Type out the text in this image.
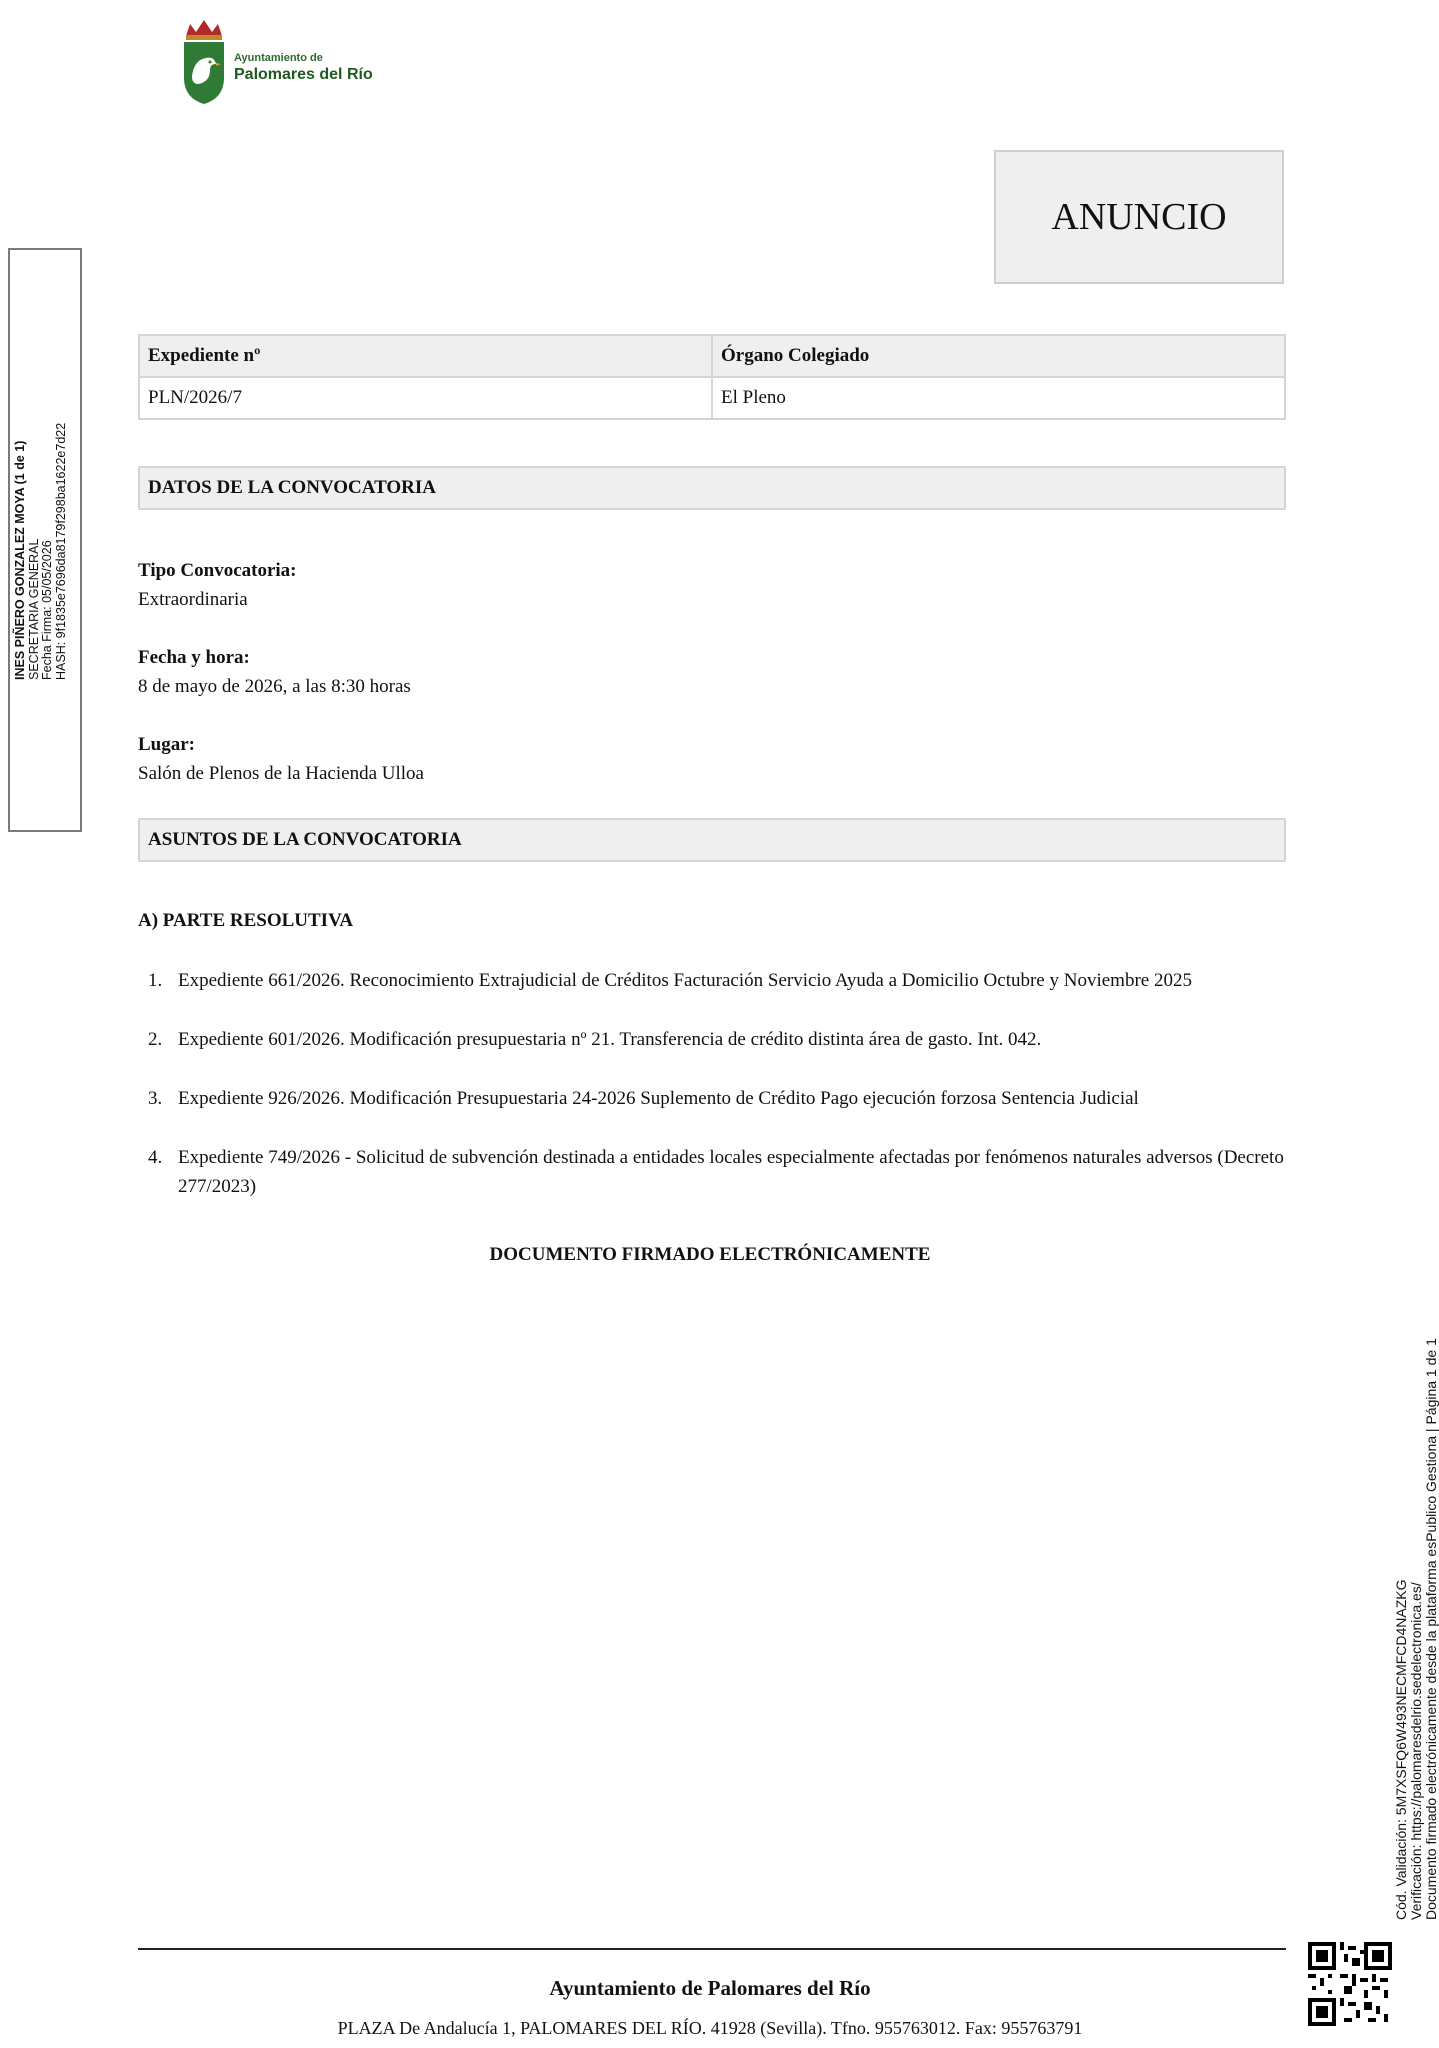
Ayuntamiento de
Palomares del Río
ANUNCIO
INES PIÑERO GONZALEZ MOYA (1 de 1) SECRETARIA GENERAL Fecha Firma: 05/05/2026 HASH: 9f1835e7696da8179f298ba1622e7d22
Expediente nº	Órgano Colegiado
PLN/2026/7	El Pleno
DATOS DE LA CONVOCATORIA
Tipo Convocatoria:
Extraordinaria
Fecha y hora:
8 de mayo de 2026, a las 8:30 horas
Lugar:
Salón de Plenos de la Hacienda Ulloa
ASUNTOS DE LA CONVOCATORIA
A) PARTE RESOLUTIVA
1. Expediente 661/2026. Reconocimiento Extrajudicial de Créditos Facturación Servicio Ayuda a Domicilio Octubre y Noviembre 2025
2. Expediente 601/2026. Modificación presupuestaria nº 21. Transferencia de crédito distinta área de gasto. Int. 042.
3. Expediente 926/2026. Modificación Presupuestaria 24-2026 Suplemento de Crédito Pago ejecución forzosa Sentencia Judicial
4. Expediente 749/2026 - Solicitud de subvención destinada a entidades locales especialmente afectadas por fenómenos naturales adversos (Decreto 277/2023)
DOCUMENTO FIRMADO ELECTRÓNICAMENTE
Cód. Validación: 5M7XSFQ6W493NECMFCD4NAZKG Verificación: https://palomaresdelrio.sedelectronica.es/ Documento firmado electrónicamente desde la plataforma esPublico Gestiona | Página 1 de 1
Ayuntamiento de Palomares del Río
PLAZA De Andalucía 1, PALOMARES DEL RÍO. 41928 (Sevilla). Tfno. 955763012. Fax: 955763791
